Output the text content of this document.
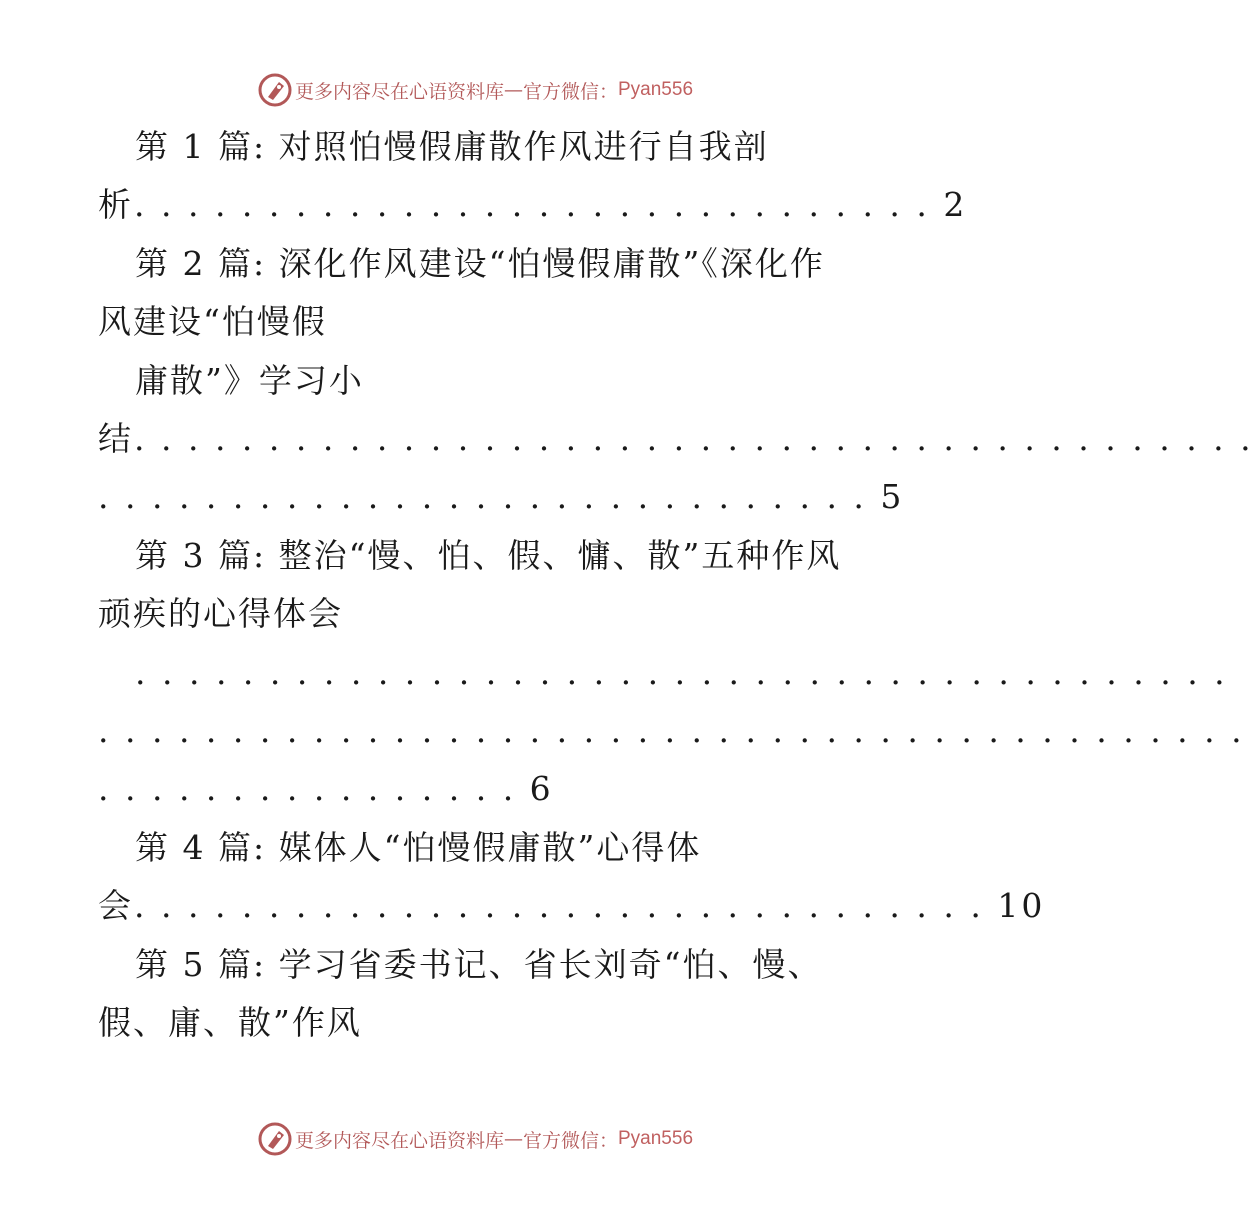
更多内容尽在心语资料库 — 官方微信： Pyan556
第 1 篇: 对照怕慢假庸散作风进行自我剖
析. . . . . . . . . . . . . . . . . . . . . . . . . . . . . . 2
第 2 篇: 深化作风建设“怕慢假庸散”《深化作
风建设“怕慢假
庸散”》学习小
结. . . . . . . . . . . . . . . . . . . . . . . . . . . . . . . . . . . . . . . . . .
. . . . . . . . . . . . . . . . . . . . . . . . . . . . . 5
第 3 篇: 整治“慢、怕、假、慵、散”五种作风
顽疾的心得体会
. . . . . . . . . . . . . . . . . . . . . . . . . . . . . . . . . . . . . . . . .
. . . . . . . . . . . . . . . . . . . . . . . . . . . . . . . . . . . . . . . . . . .
. . . . . . . . . . . . . . . . 6
第 4 篇: 媒体人“怕慢假庸散”心得体
会. . . . . . . . . . . . . . . . . . . . . . . . . . . . . . . . 10
第 5 篇: 学习省委书记、省长刘奇“怕、慢、
假、庸、散”作风
更多内容尽在心语资料库 — 官方微信： Pyan556
